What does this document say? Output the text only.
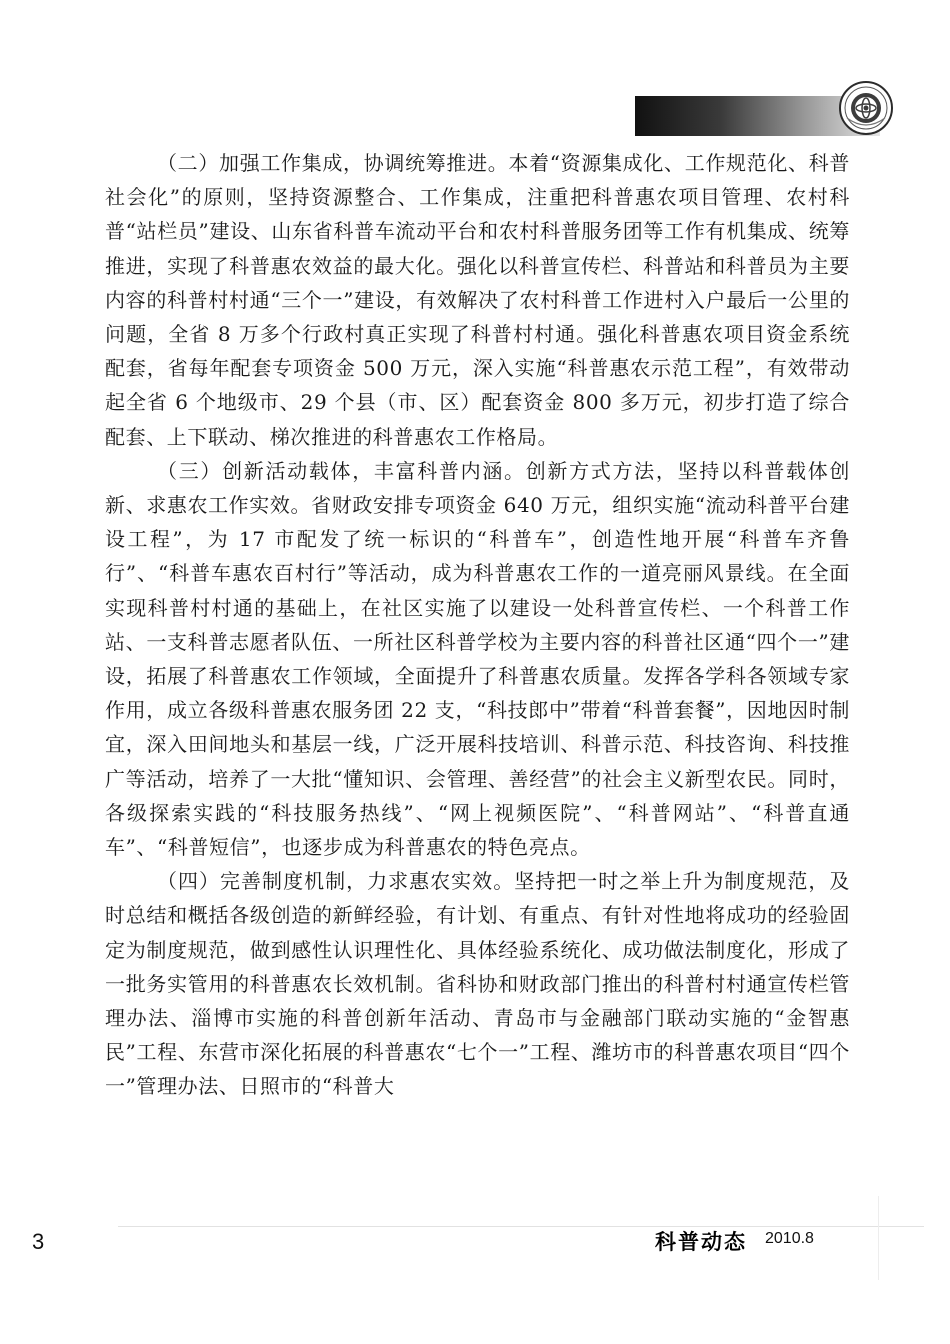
（二）加强工作集成，协调统筹推进。本着“资源集成化、工作规范化、科普社会化”的原则，坚持资源整合、工作集成，注重把科普惠农项目管理、农村科普“站栏员”建设、山东省科普车流动平台和农村科普服务团等工作有机集成、统筹推进，实现了科普惠农效益的最大化。强化以科普宣传栏、科普站和科普员为主要内容的科普村村通“三个一”建设，有效解决了农村科普工作进村入户最后一公里的问题，全省 8 万多个行政村真正实现了科普村村通。强化科普惠农项目资金系统配套，省每年配套专项资金 500 万元，深入实施“科普惠农示范工程”，有效带动起全省 6 个地级市、29 个县（市、区）配套资金 800 多万元，初步打造了综合配套、上下联动、梯次推进的科普惠农工作格局。

（三）创新活动载体，丰富科普内涵。创新方式方法，坚持以科普载体创新、求惠农工作实效。省财政安排专项资金 640 万元，组织实施“流动科普平台建设工程”，为 17 市配发了统一标识的“科普车”，创造性地开展“科普车齐鲁行”、“科普车惠农百村行”等活动，成为科普惠农工作的一道亮丽风景线。在全面实现科普村村通的基础上，在社区实施了以建设一处科普宣传栏、一个科普工作站、一支科普志愿者队伍、一所社区科普学校为主要内容的科普社区通“四个一”建设，拓展了科普惠农工作领域，全面提升了科普惠农质量。发挥各学科各领域专家作用，成立各级科普惠农服务团 22 支，“科技郎中”带着“科普套餐”，因地因时制宜，深入田间地头和基层一线，广泛开展科技培训、科普示范、科技咨询、科技推广等活动，培养了一大批“懂知识、会管理、善经营”的社会主义新型农民。同时，各级探索实践的“科技服务热线”、“网上视频医院”、“科普网站”、“科普直通车”、“科普短信”，也逐步成为科普惠农的特色亮点。

（四）完善制度机制，力求惠农实效。坚持把一时之举上升为制度规范，及时总结和概括各级创造的新鲜经验，有计划、有重点、有针对性地将成功的经验固定为制度规范，做到感性认识理性化、具体经验系统化、成功做法制度化，形成了一批务实管用的科普惠农长效机制。省科协和财政部门推出的科普村村通宣传栏管理办法、淄博市实施的科普创新年活动、青岛市与金融部门联动实施的“金智惠民”工程、东营市深化拓展的科普惠农“七个一”工程、潍坊市的科普惠农项目“四个一”管理办法、日照市的“科普大

3	科普动态 2010.8
